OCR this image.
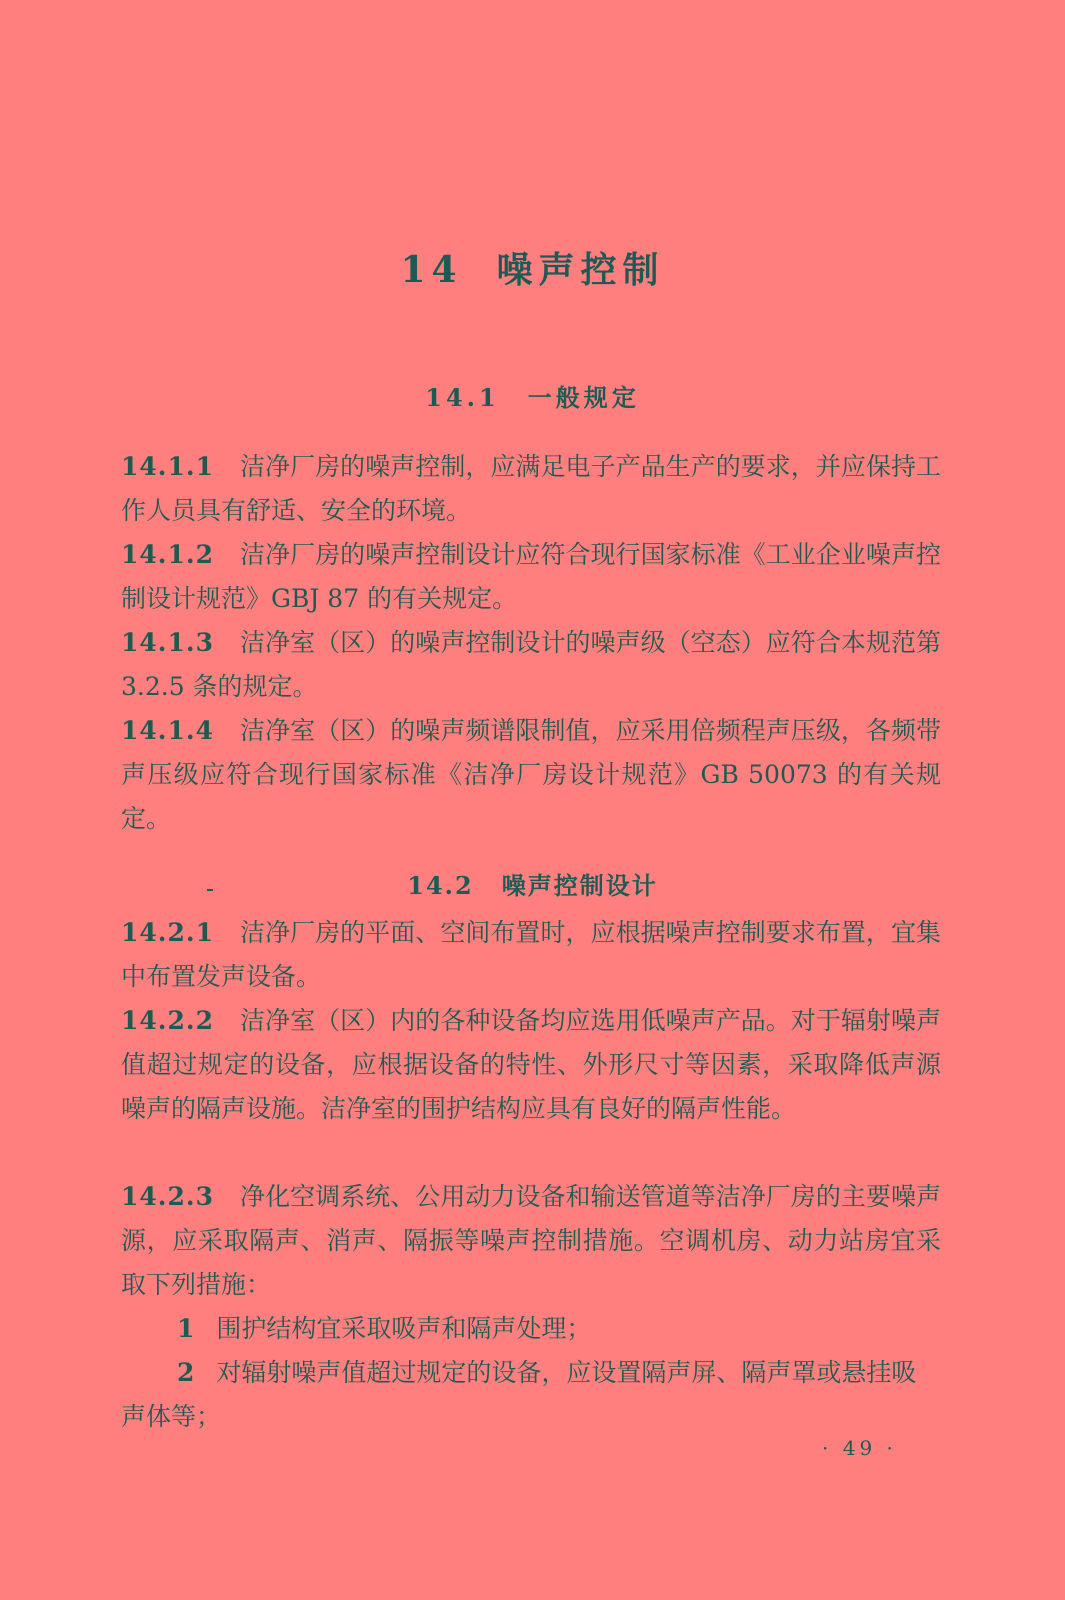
14 噪声控制
14.1 一般规定
14.1.1 洁净厂房的噪声控制，应满足电子产品生产的要求，并应保持工作人员具有舒适、安全的环境。
14.1.2 洁净厂房的噪声控制设计应符合现行国家标准《工业企业噪声控制设计规范》GBJ 87 的有关规定。
14.1.3 洁净室（区）的噪声控制设计的噪声级（空态）应符合本规范第 3.2.5 条的规定。
14.1.4 洁净室（区）的噪声频谱限制值，应采用倍频程声压级，各频带声压级应符合现行国家标准《洁净厂房设计规范》GB 50073 的有关规定。
14.2 噪声控制设计
14.2.1 洁净厂房的平面、空间布置时，应根据噪声控制要求布置，宜集中布置发声设备。
14.2.2 洁净室（区）内的各种设备均应选用低噪声产品。对于辐射噪声值超过规定的设备，应根据设备的特性、外形尺寸等因素，采取降低声源噪声的隔声设施。洁净室的围护结构应具有良好的隔声性能。
14.2.3 净化空调系统、公用动力设备和输送管道等洁净厂房的主要噪声源，应采取隔声、消声、隔振等噪声控制措施。空调机房、动力站房宜采取下列措施：
1 围护结构宜采取吸声和隔声处理；
2 对辐射噪声值超过规定的设备，应设置隔声屏、隔声罩或悬挂吸声体等；
· 49 ·
